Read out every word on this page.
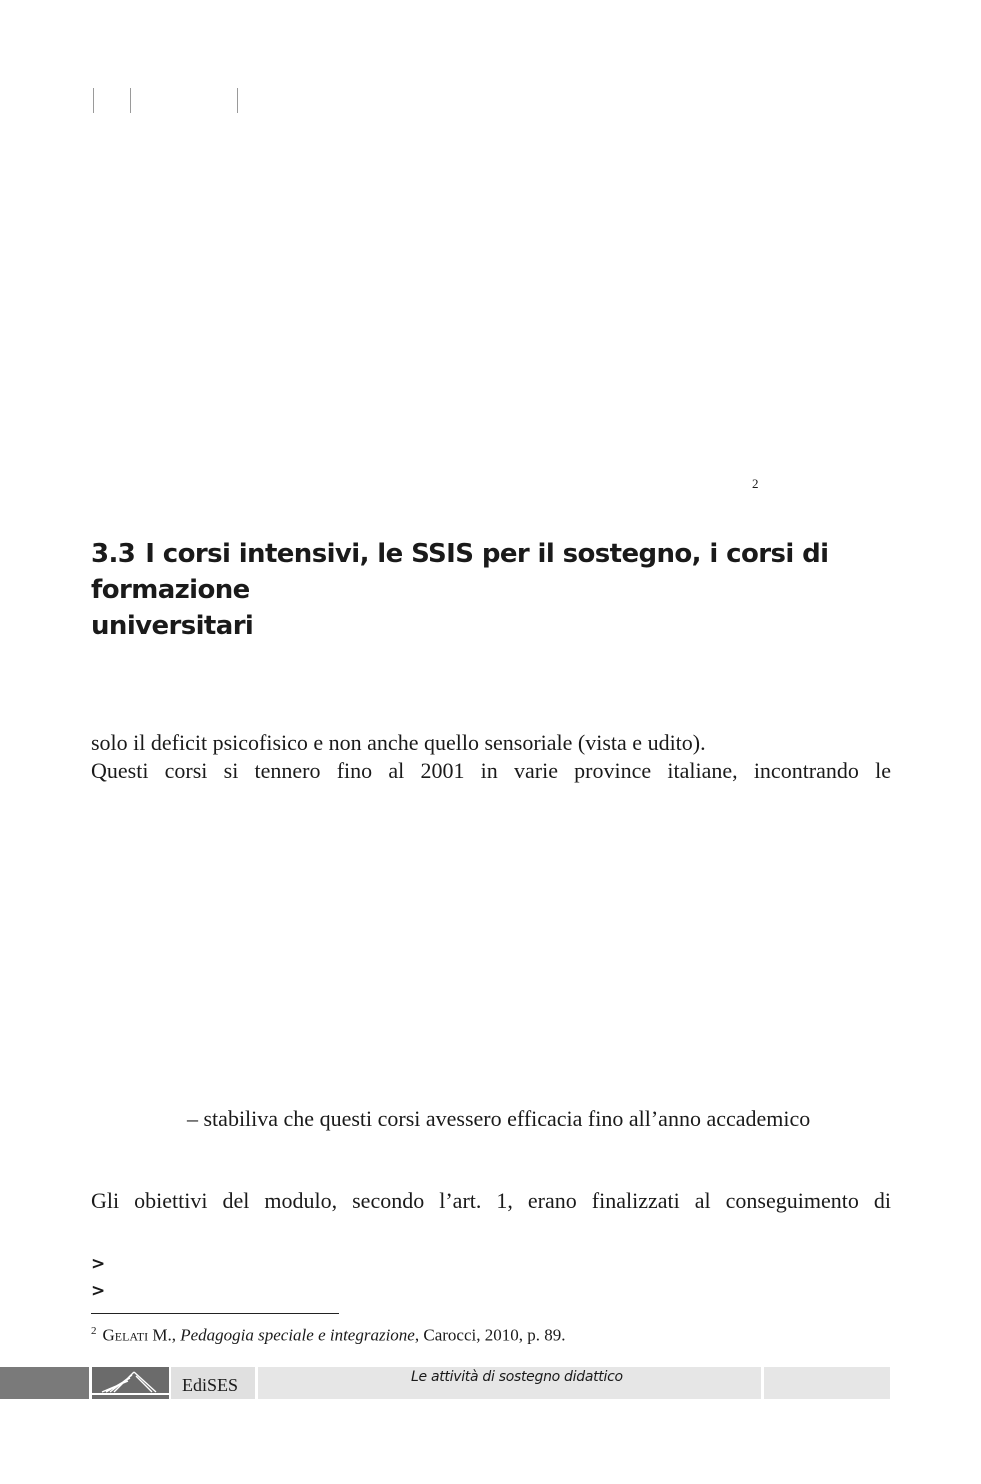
2
3.3 I corsi intensivi, le SSIS per il sostegno, i corsi di formazione
universitari
solo il deficit psicofisico e non anche quello sensoriale (vista e udito).
Questi corsi si tennero fino al 2001 in varie province italiane, incontrando le
– stabiliva che questi corsi avessero efficacia fino all’anno accademico
Gli obiettivi del modulo, secondo l’art. 1, erano finalizzati al conseguimento di
>
>
$^2$ Gelati M., Pedagogia speciale e integrazione, Carocci, 2010, p. 89.
EdiSES	Le attività di sostegno didattico
